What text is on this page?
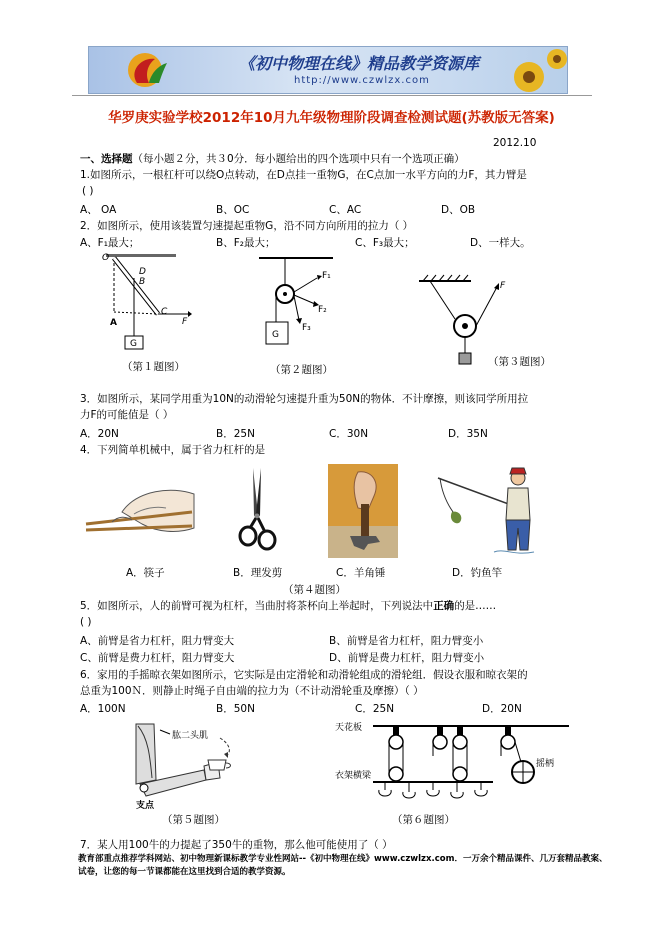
《初中物理在线》精品教学资源库
http://www.czwlzx.com
华罗庚实验学校2012年10月九年级物理阶段调查检测试题(苏教版无答案)
2012.10
一、选择题（每小题２分，共３0分．每小题给出的四个选项中只有一个选项正确）
1.如图所示，一根杠杆可以绕O点转动，在D点挂一重物G，在C点加一水平方向的力F，其力臂是
( )
A、 OA	B、OC	C、AC	D、OB
2．如图所示，使用该装置匀速提起重物G，沿不同方向所用的拉力（ ）
A、F₁最大；	B、F₂最大；	C、F₃最大；	D、一样大。
O
D
B
C
F
A
G
F₁
F₂
F₃
G
F
（第１题图）	（第２题图）
（第３题图）
3．如图所示，某同学用重为10N的动滑轮匀速提升重为50N的物体．不计摩擦，则该同学所用拉
力F的可能值是（ ）
A．20N	B．25N	C．30N	D．35N
4．下列简单机械中，属于省力杠杆的是
A．筷子	B．理发剪	C．羊角锤	D．钓鱼竿
（第４题图）
5．如图所示，人的前臂可视为杠杆，当曲肘将茶杯向上举起时，下列说法中正确的是……
( )
A、前臂是省力杠杆，阻力臂变大	B、前臂是省力杠杆，阻力臂变小
C、前臂是费力杠杆，阻力臂变大	D、前臂是费力杠杆，阻力臂变小
6．家用的手摇晾衣架如图所示，它实际是由定滑轮和动滑轮组成的滑轮组．假设衣服和晾衣架的
总重为100Ｎ．则静止时绳子自由端的拉力为（不计动滑轮重及摩擦）（ ）
A．100N	B．50N	C．25N	D．20N
肱二头肌
支点
天花板
摇柄
衣架横梁
（第５题图）	（第６题图）
7．某人用100牛的力提起了350牛的重物，那么他可能使用了（ ）
教育部重点推荐学科网站、初中物理新课标教学专业性网站--《初中物理在线》www.czwlzx.com．一万余个精品课件、几万套精品教案、试卷，让您的每一节课都能在这里找到合适的教学资源。
